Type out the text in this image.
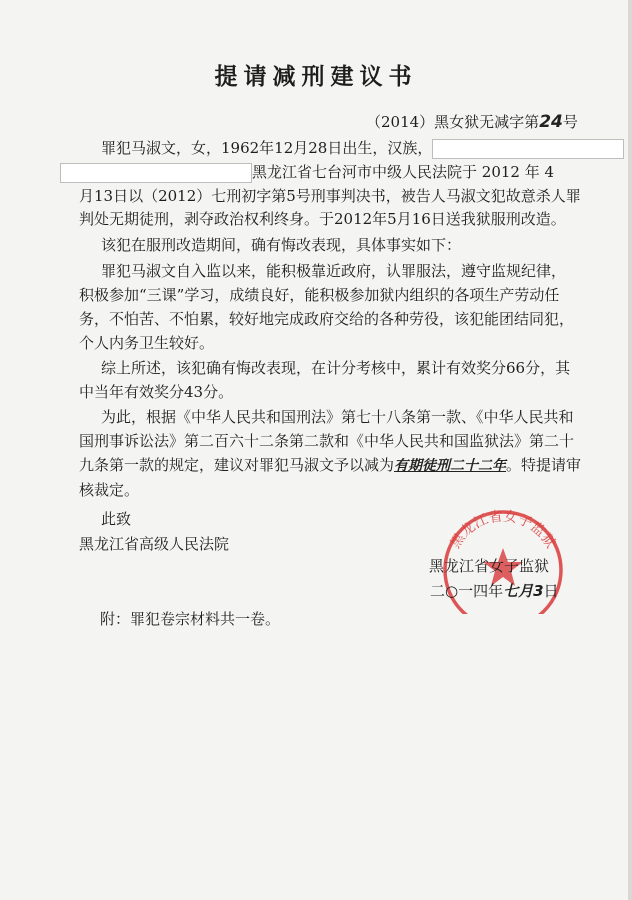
提请减刑建议书
（2014）黑女狱无减字第24号
罪犯马淑文，女，1962年12月28日出生，汉族，
黑龙江省七台河市中级人民法院于 2012 年 4
月13日以（2012）七刑初字第5号刑事判决书，被告人马淑文犯故意杀人罪
判处无期徒刑，剥夺政治权利终身。于2012年5月16日送我狱服刑改造。
该犯在服刑改造期间，确有悔改表现，具体事实如下：
罪犯马淑文自入监以来，能积极靠近政府，认罪服法，遵守监规纪律，
积极参加“三课”学习，成绩良好，能积极参加狱内组织的各项生产劳动任
务，不怕苦、不怕累，较好地完成政府交给的各种劳役，该犯能团结同犯，
个人内务卫生较好。
综上所述，该犯确有悔改表现，在计分考核中，累计有效奖分66分，其
中当年有效奖分43分。
为此，根据《中华人民共和国刑法》第七十八条第一款、《中华人民共和
国刑事诉讼法》第二百六十二条第二款和《中华人民共和国监狱法》第二十
九条第一款的规定，建议对罪犯马淑文予以减为有期徒刑二十二年。特提请审
核裁定。
此致
黑龙江省高级人民法院	黑龙江省女子监狱
黑龙江省女子监狱
二○一四年七月3日
附：罪犯卷宗材料共一卷。
